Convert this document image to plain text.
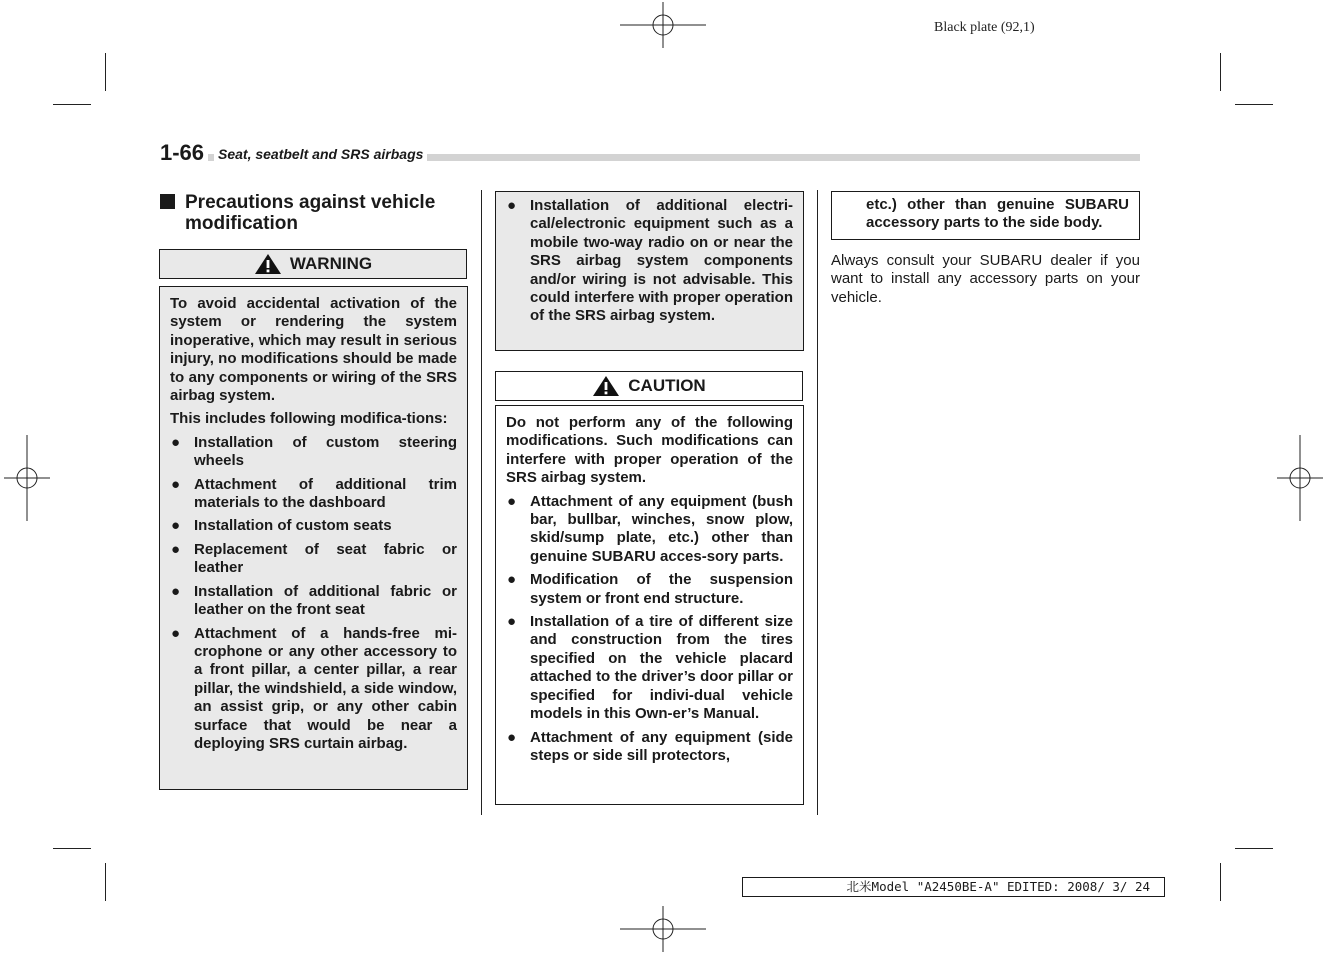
Black plate (92,1)
1-66 Seat, seatbelt and SRS airbags
Precautions against vehicle modification
WARNING

To avoid accidental activation of the system or rendering the system inoperative, which may result in serious injury, no modifications should be made to any components or wiring of the SRS airbag system.

This includes following modifica-tions:

● Installation of custom steering wheels
● Attachment of additional trim materials to the dashboard
● Installation of custom seats
● Replacement of seat fabric or leather
● Installation of additional fabric or leather on the front seat
● Attachment of a hands-free mi-crophone or any other accessory to a front pillar, a center pillar, a rear pillar, the windshield, a side window, an assist grip, or any other cabin surface that would be near a deploying SRS curtain airbag.
● Installation of additional electri-cal/electronic equipment such as a mobile two-way radio on or near the SRS airbag system components and/or wiring is not advisable. This could interfere with proper operation of the SRS airbag system.
CAUTION

Do not perform any of the following modifications. Such modifications can interfere with proper operation of the SRS airbag system.

● Attachment of any equipment (bush bar, bullbar, winches, snow plow, skid/sump plate, etc.) other than genuine SUBARU acces-sory parts.
● Modification of the suspension system or front end structure.
● Installation of a tire of different size and construction from the tires specified on the vehicle placard attached to the driver’s door pillar or specified for indivi-dual vehicle models in this Own-er’s Manual.
● Attachment of any equipment (side steps or side sill protectors,

etc.) other than genuine SUBARU accessory parts to the side body.

Always consult your SUBARU dealer if you want to install any accessory parts on your vehicle.
北米Model "A2450BE-A" EDITED: 2008/ 3/ 24
